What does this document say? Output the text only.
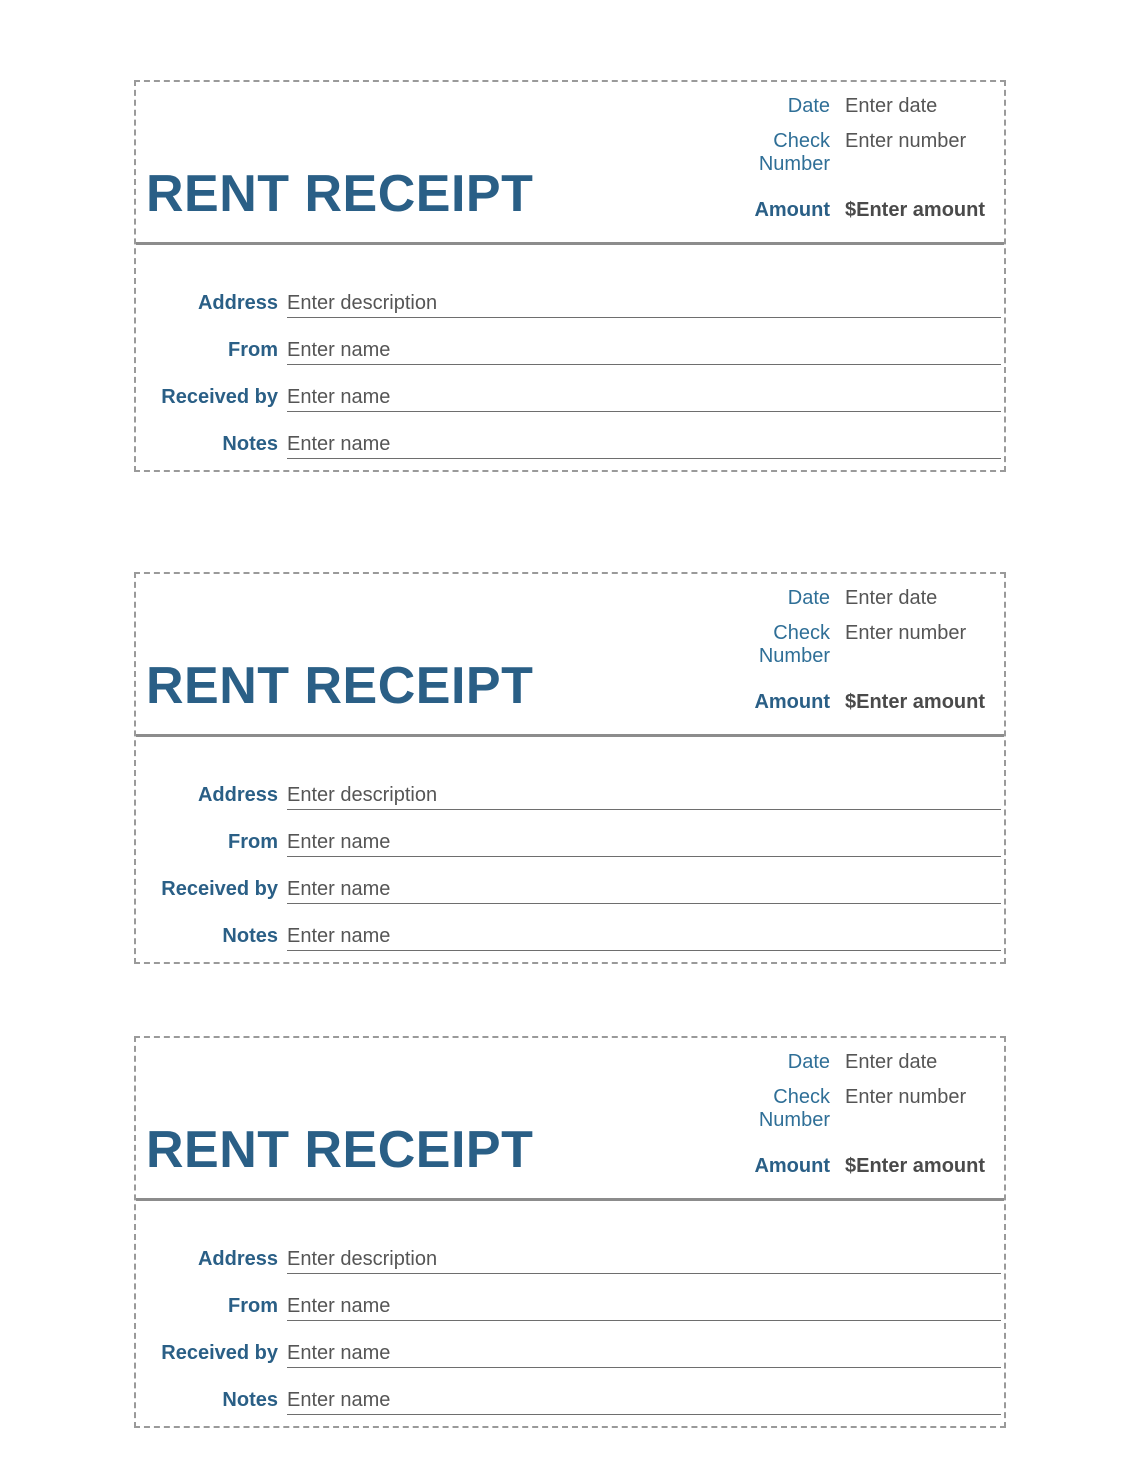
RENT RECEIPT
Date Enter date
Check
Number
Enter number
Amount $Enter amount
Address Enter description
From Enter name
Received by Enter name
Notes Enter name
RENT RECEIPT
Date Enter date
Check
Number
Enter number
Amount $Enter amount
Address Enter description
From Enter name
Received by Enter name
Notes Enter name
RENT RECEIPT
Date Enter date
Check
Number
Enter number
Amount $Enter amount
Address Enter description
From Enter name
Received by Enter name
Notes Enter name
